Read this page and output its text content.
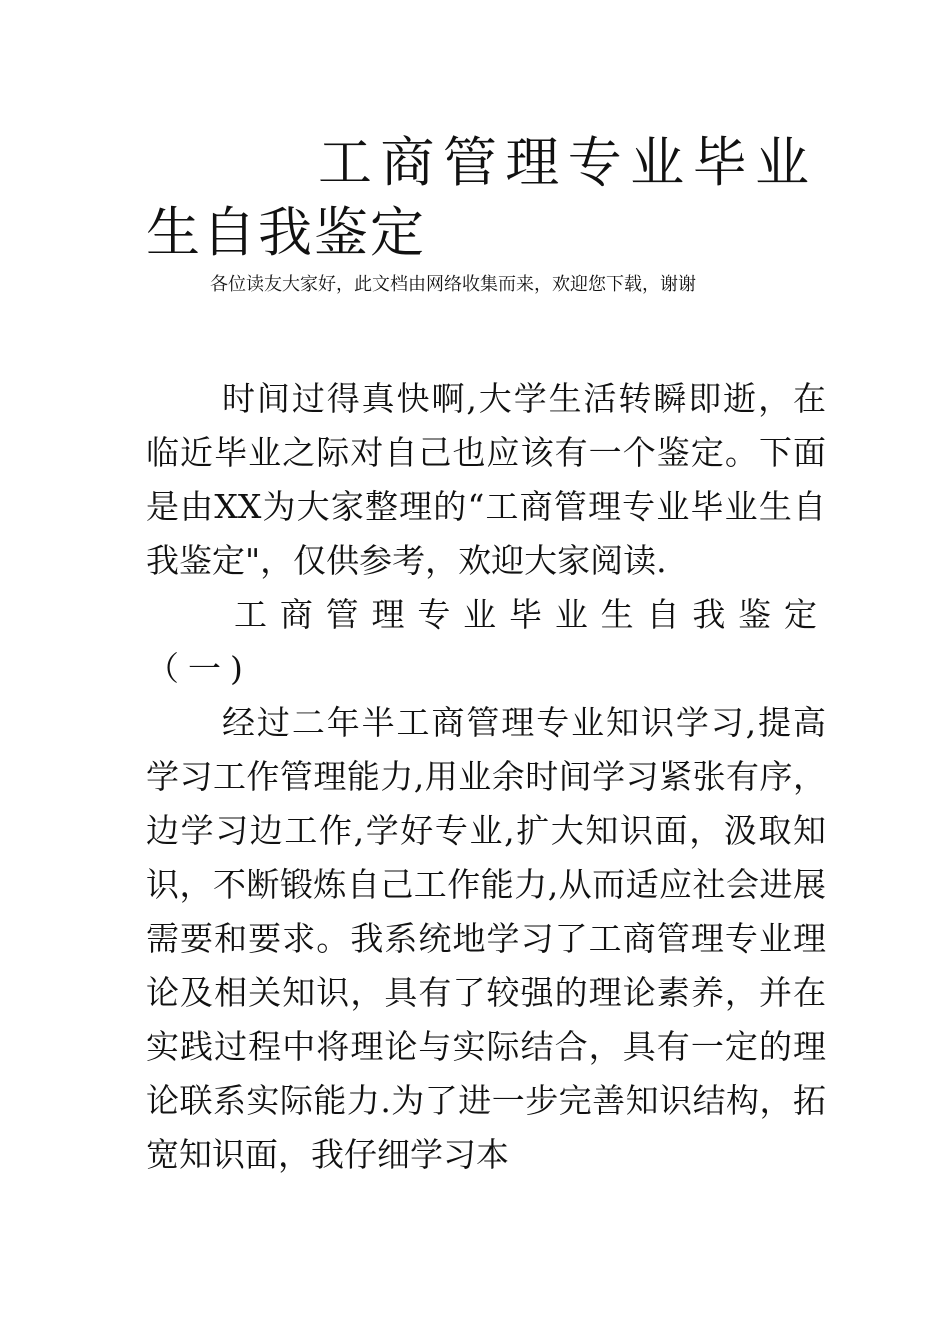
工商管理专业毕业生自我鉴定

各位读友大家好，此文档由网络收集而来，欢迎您下载，谢谢

时间过得真快啊,大学生活转瞬即逝，在临近毕业之际对自己也应该有一个鉴定。下面是由XX为大家整理的“工商管理专业毕业生自我鉴定"，仅供参考，欢迎大家阅读.

工商管理专业毕业生自我鉴定（一)

经过二年半工商管理专业知识学习,提高学习工作管理能力,用业余时间学习紧张有序，边学习边工作,学好专业,扩大知识面，汲取知识，不断锻炼自己工作能力,从而适应社会进展需要和要求。我系统地学习了工商管理专业理论及相关知识，具有了较强的理论素养，并在实践过程中将理论与实际结合，具有一定的理论联系实际能力.为了进一步完善知识结构，拓宽知识面，我仔细学习本
